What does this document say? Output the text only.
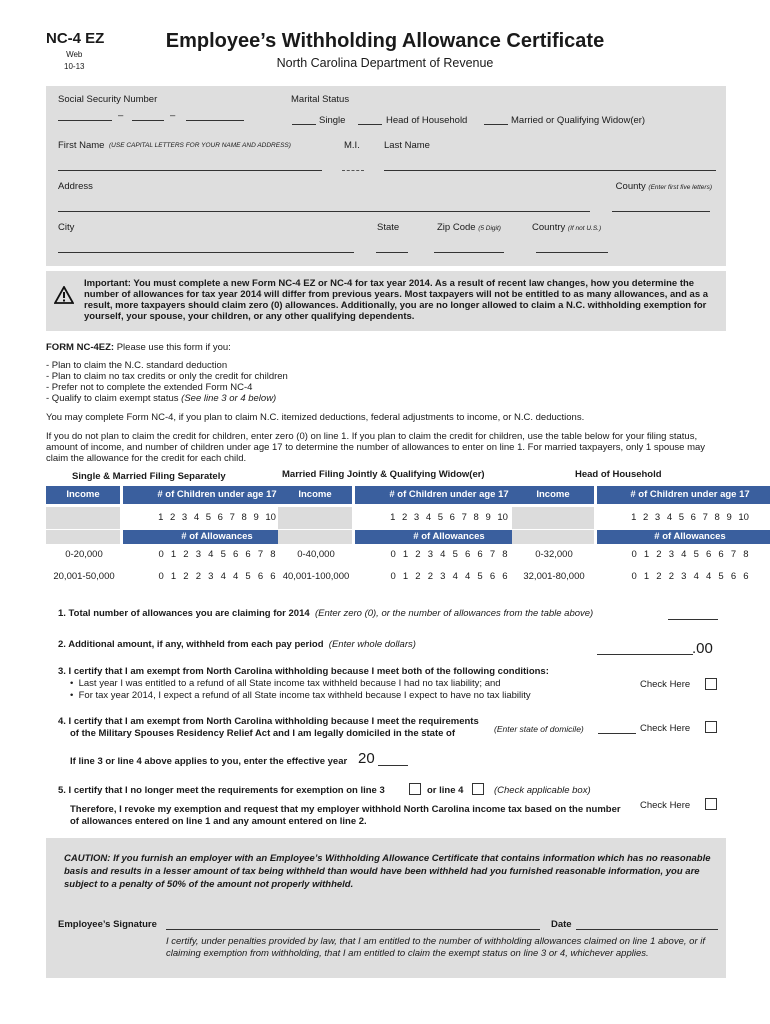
NC-4 EZ
Web
10-13
Employee’s Withholding Allowance Certificate
North Carolina Department of Revenue
Social Security Number
–	–
Marital Status
Single	Head of Household	Married or Qualifying Widow(er)
First Name (USE CAPITAL LETTERS FOR YOUR NAME AND ADDRESS)	M.I.	Last Name
Address	County (Enter first five letters)
City	State	Zip Code (5 Digit)	Country (If not U.S.)
Important: You must complete a new Form NC-4 EZ or NC-4 for tax year 2014. As a result of recent law changes, how you determine the number of allowances for tax year 2014 will differ from previous years. Most taxpayers will not be entitled to as many allowances, and as a result, more taxpayers should claim zero (0) allowances. Additionally, you are no longer allowed to claim a N.C. withholding exemption for yourself, your spouse, your children, or any other qualifying dependents.
FORM NC-4EZ: Please use this form if you:
- Plan to claim the N.C. standard deduction
- Plan to claim no tax credits or only the credit for children
- Prefer not to complete the extended Form NC-4
- Qualify to claim exempt status (See line 3 or 4 below)
You may complete Form NC-4, if you plan to claim N.C. itemized deductions, federal adjustments to income, or N.C. deductions.
If you do not plan to claim the credit for children, enter zero (0) on line 1. If you plan to claim the credit for children, use the table below for your filing status, amount of income, and number of children under age 17 to determine the number of allowances to enter on line 1. For married taxpayers, only 1 spouse may claim the allowance for the credit for each child.
Single & Married Filing Separately
Income	# of Children under age 17
1 2 3 4 5 6 7 8 9 10
# of Allowances
0-20,000	0 1 2 3 4 5 6 6 7 8
20,001-50,000	0 1 2 2 3 4 4 5 6 6
Married Filing Jointly & Qualifying Widow(er)
Income	# of Children under age 17
1 2 3 4 5 6 7 8 9 10
# of Allowances
0-40,000	0 1 2 3 4 5 6 6 7 8
40,001-100,000	0 1 2 2 3 4 4 5 6 6
Head of Household
Income	# of Children under age 17
1 2 3 4 5 6 7 8 9 10
# of Allowances
0-32,000	0 1 2 3 4 5 6 6 7 8
32,001-80,000	0 1 2 2 3 4 4 5 6 6
1. Total number of allowances you are claiming for 2014 (Enter zero (0), or the number of allowances from the table above)
2. Additional amount, if any, withheld from each pay period (Enter whole dollars)	.00
3. I certify that I am exempt from North Carolina withholding because I meet both of the following conditions:
•  Last year I was entitled to a refund of all State income tax withheld because I had no tax liability; and
•  For tax year 2014, I expect a refund of all State income tax withheld because I expect to have no tax liability
Check Here
4. I certify that I am exempt from North Carolina withholding because I meet the requirements
of the Military Spouses Residency Relief Act and I am legally domiciled in the state of	(Enter state of domicile)	Check Here
If line 3 or line 4 above applies to you, enter the effective year 20
5. I certify that I no longer meet the requirements for exemption on line 3	or line 4	(Check applicable box)
Therefore, I revoke my exemption and request that my employer withhold North Carolina income tax based on the number of allowances entered on line 1 and any amount entered on line 2.
Check Here
CAUTION: If you furnish an employer with an Employee’s Withholding Allowance Certificate that contains information which has no reasonable basis and results in a lesser amount of tax being withheld than would have been withheld had you furnished reasonable information, you are subject to a penalty of 50% of the amount not properly withheld.
Employee’s Signature	Date
I certify, under penalties provided by law, that I am entitled to the number of withholding allowances claimed on line 1 above, or if claiming exemption from withholding, that I am entitled to claim the exempt status on line 3 or 4, whichever applies.
